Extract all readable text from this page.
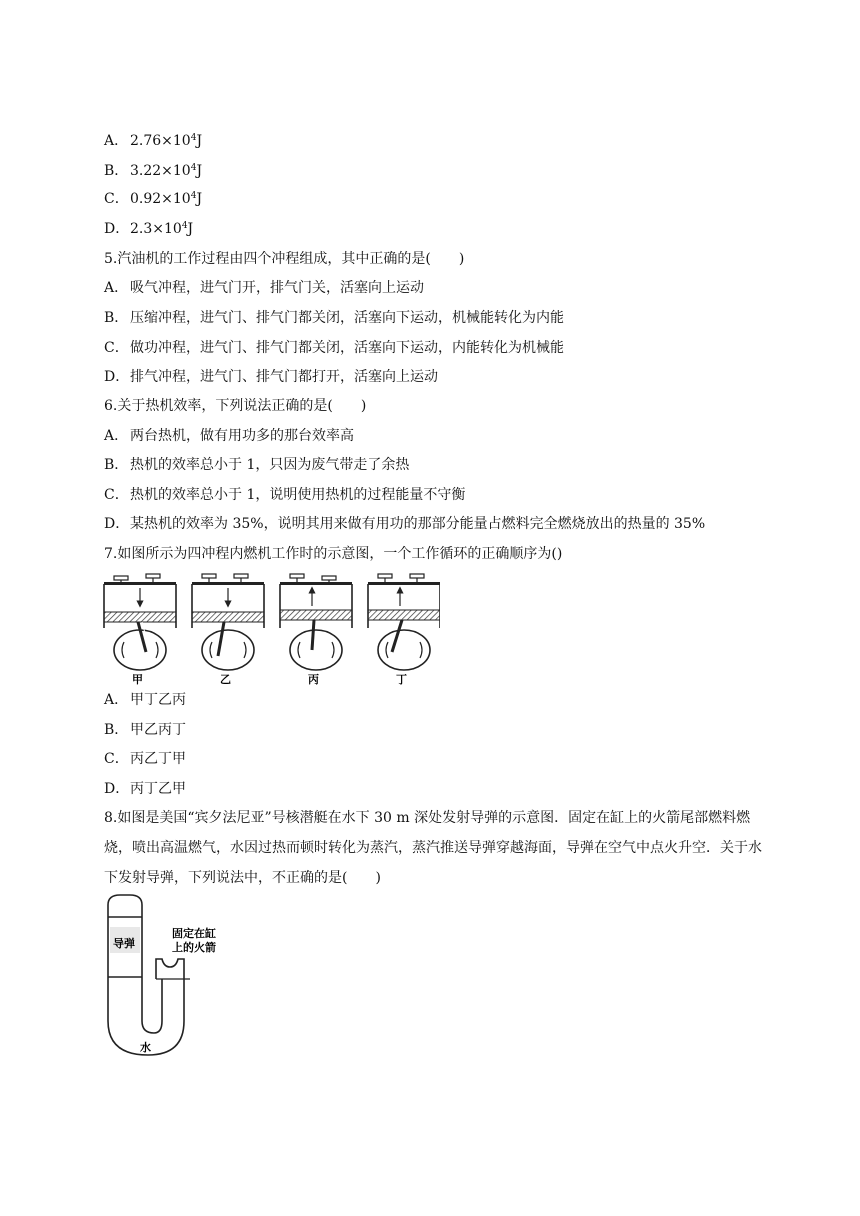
A． $2.76\times 10^4J$
B． $3.22\times 10^4J$
C．$0.92\times 10^4J$
D．$2.3\times 10^4J$
5.汽油机的工作过程由四个冲程组成，其中正确的是(　　)
A． 吸气冲程，进气门开，排气门关，活塞向上运动
B． 压缩冲程，进气门、排气门都关闭，活塞向下运动，机械能转化为内能
C．做功冲程，进气门、排气门都关闭，活塞向下运动，内能转化为机械能
D．排气冲程，进气门、排气门都打开，活塞向上运动
6.关于热机效率，下列说法正确的是(　　)
A． 两台热机，做有用功多的那台效率高
B． 热机的效率总小于 1，只因为废气带走了余热
C．热机的效率总小于 1，说明使用热机的过程能量不守衡
D．某热机的效率为 35%，说明其用来做有用功的那部分能量占燃料完全燃烧放出的热量的 35%
7.如图所示为四冲程内燃机工作时的示意图，一个工作循环的正确顺序为()
甲	乙	丙	丁
A． 甲丁乙丙
B． 甲乙丙丁
C．丙乙丁甲
D．丙丁乙甲
8.如图是美国“宾夕法尼亚”号核潜艇在水下 30 m 深处发射导弹的示意图．固定在缸上的火箭尾部燃料燃烧，喷出高温燃气，水因过热而顿时转化为蒸汽，蒸汽推送导弹穿越海面，导弹在空气中点火升空．关于水下发射导弹，下列说法中，不正确的是(　　)
导弹
水
固定在缸
上的火箭
